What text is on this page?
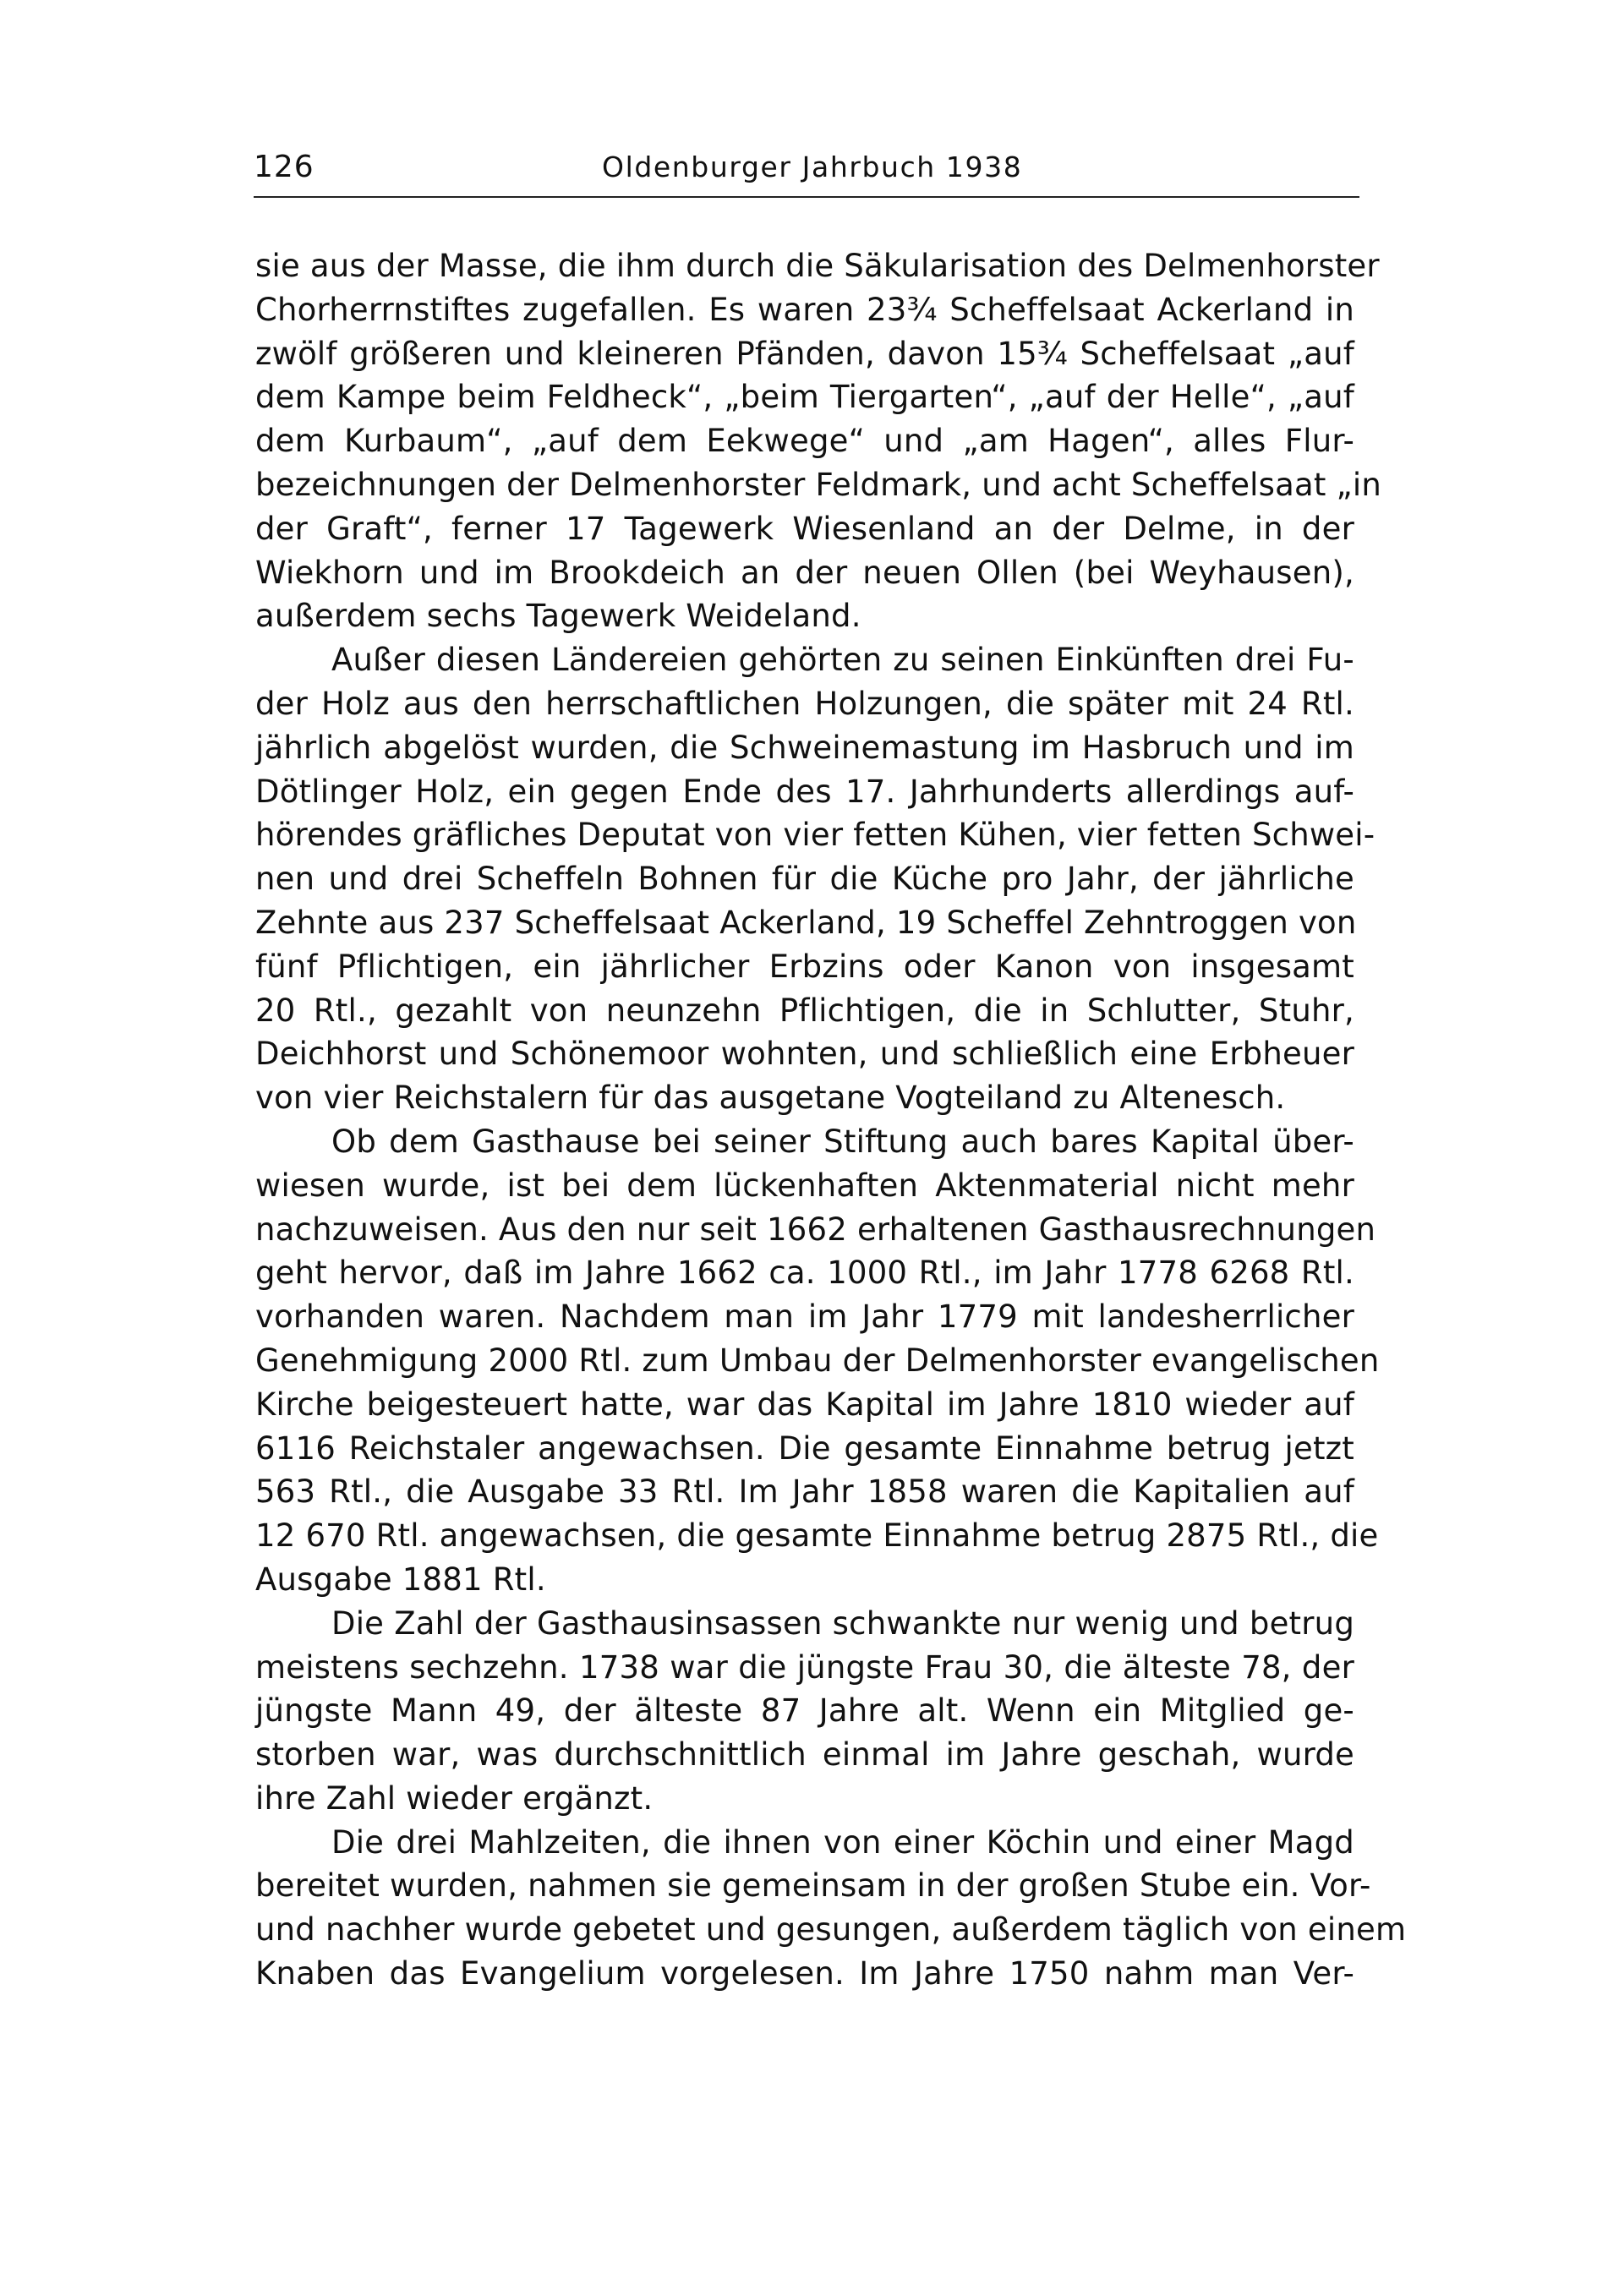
126	Oldenburger Jahrbuch 1938
sie aus der Masse, die ihm durch die Säkularisation des Delmenhorster
Chorherrnstiftes zugefallen. Es waren 23¾ Scheffelsaat Ackerland in
zwölf größeren und kleineren Pfänden, davon 15¾ Scheffelsaat „auf
dem Kampe beim Feldheck“, „beim Tiergarten“, „auf der Helle“, „auf
dem Kurbaum“, „auf dem Eekwege“ und „am Hagen“, alles Flur-
bezeichnungen der Delmenhorster Feldmark, und acht Scheffelsaat „in
der Graft“, ferner 17 Tagewerk Wiesenland an der Delme, in der
Wiekhorn und im Brookdeich an der neuen Ollen (bei Weyhausen),
außerdem sechs Tagewerk Weideland.
Außer diesen Ländereien gehörten zu seinen Einkünften drei Fu-
der Holz aus den herrschaftlichen Holzungen, die später mit 24 Rtl.
jährlich abgelöst wurden, die Schweinemastung im Hasbruch und im
Dötlinger Holz, ein gegen Ende des 17. Jahrhunderts allerdings auf-
hörendes gräfliches Deputat von vier fetten Kühen, vier fetten Schwei-
nen und drei Scheffeln Bohnen für die Küche pro Jahr, der jährliche
Zehnte aus 237 Scheffelsaat Ackerland, 19 Scheffel Zehntroggen von
fünf Pflichtigen, ein jährlicher Erbzins oder Kanon von insgesamt
20 Rtl., gezahlt von neunzehn Pflichtigen, die in Schlutter, Stuhr,
Deichhorst und Schönemoor wohnten, und schließlich eine Erbheuer
von vier Reichstalern für das ausgetane Vogteiland zu Altenesch.
Ob dem Gasthause bei seiner Stiftung auch bares Kapital über-
wiesen wurde, ist bei dem lückenhaften Aktenmaterial nicht mehr
nachzuweisen. Aus den nur seit 1662 erhaltenen Gasthausrechnungen
geht hervor, daß im Jahre 1662 ca. 1000 Rtl., im Jahr 1778 6268 Rtl.
vorhanden waren. Nachdem man im Jahr 1779 mit landesherrlicher
Genehmigung 2000 Rtl. zum Umbau der Delmenhorster evangelischen
Kirche beigesteuert hatte, war das Kapital im Jahre 1810 wieder auf
6116 Reichstaler angewachsen. Die gesamte Einnahme betrug jetzt
563 Rtl., die Ausgabe 33 Rtl. Im Jahr 1858 waren die Kapitalien auf
12 670 Rtl. angewachsen, die gesamte Einnahme betrug 2875 Rtl., die
Ausgabe 1881 Rtl.
Die Zahl der Gasthausinsassen schwankte nur wenig und betrug
meistens sechzehn. 1738 war die jüngste Frau 30, die älteste 78, der
jüngste Mann 49, der älteste 87 Jahre alt. Wenn ein Mitglied ge-
storben war, was durchschnittlich einmal im Jahre geschah, wurde
ihre Zahl wieder ergänzt.
Die drei Mahlzeiten, die ihnen von einer Köchin und einer Magd
bereitet wurden, nahmen sie gemeinsam in der großen Stube ein. Vor-
und nachher wurde gebetet und gesungen, außerdem täglich von einem
Knaben das Evangelium vorgelesen. Im Jahre 1750 nahm man Ver-
